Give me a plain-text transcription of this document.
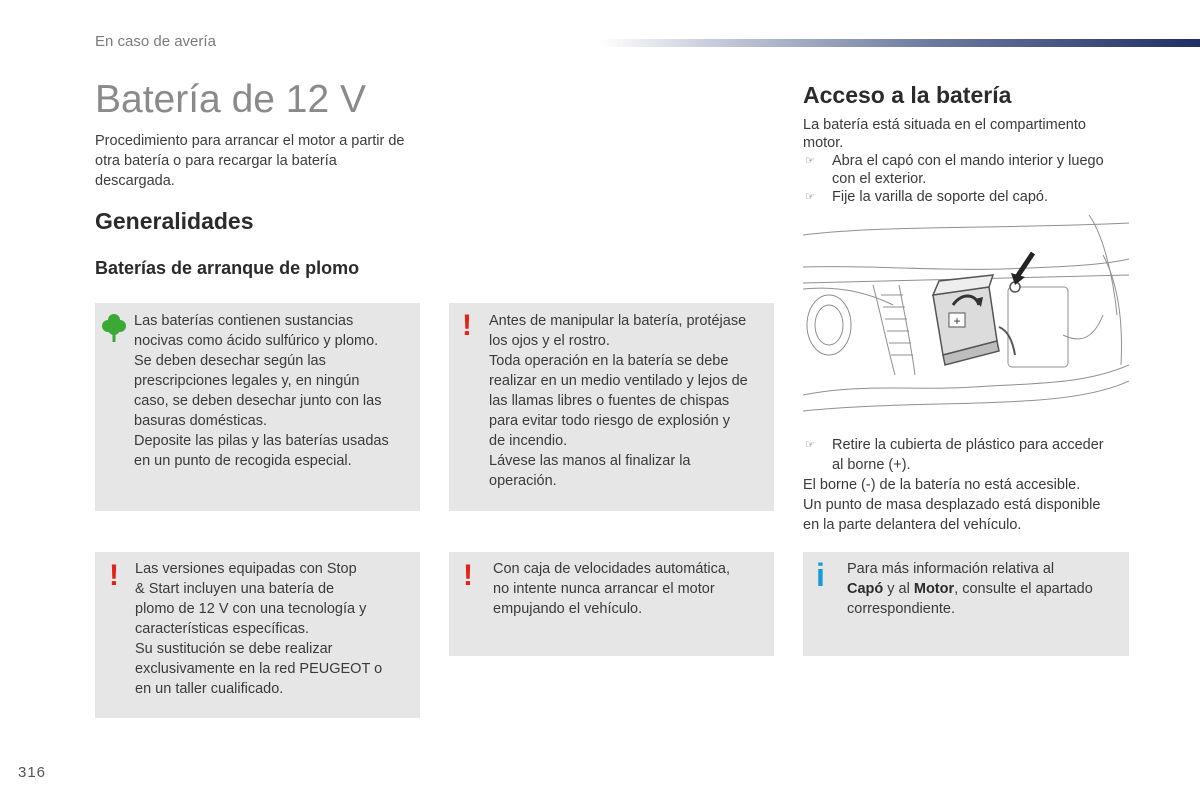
En caso de avería
Batería de 12 V
Procedimiento para arrancar el motor a partir de otra batería o para recargar la batería descargada.
Generalidades
Baterías de arranque de plomo
Las baterías contienen sustancias
nocivas como ácido sulfúrico y plomo.
Se deben desechar según las
prescripciones legales y, en ningún
caso, se deben desechar junto con las
basuras domésticas.
Deposite las pilas y las baterías usadas
en un punto de recogida especial.
! Antes de manipular la batería, protéjase
los ojos y el rostro.
Toda operación en la batería se debe
realizar en un medio ventilado y lejos de
las llamas libres o fuentes de chispas
para evitar todo riesgo de explosión y
de incendio.
Lávese las manos al finalizar la
operación.
! Las versiones equipadas con Stop
& Start incluyen una batería de
plomo de 12 V con una tecnología y
características específicas.
Su sustitución se debe realizar
exclusivamente en la red PEUGEOT o
en un taller cualificado.
! Con caja de velocidades automática,
no intente nunca arrancar el motor
empujando el vehículo.
Acceso a la batería
La batería está situada en el compartimento
motor.
☞ Abra el capó con el mando interior y luego
con el exterior.
☞ Fije la varilla de soporte del capó.
+
☞ Retire la cubierta de plástico para acceder
al borne (+).
El borne (-) de la batería no está accesible.
Un punto de masa desplazado está disponible
en la parte delantera del vehículo.
i Para más información relativa al
Capó y al Motor, consulte el apartado
correspondiente.
316
